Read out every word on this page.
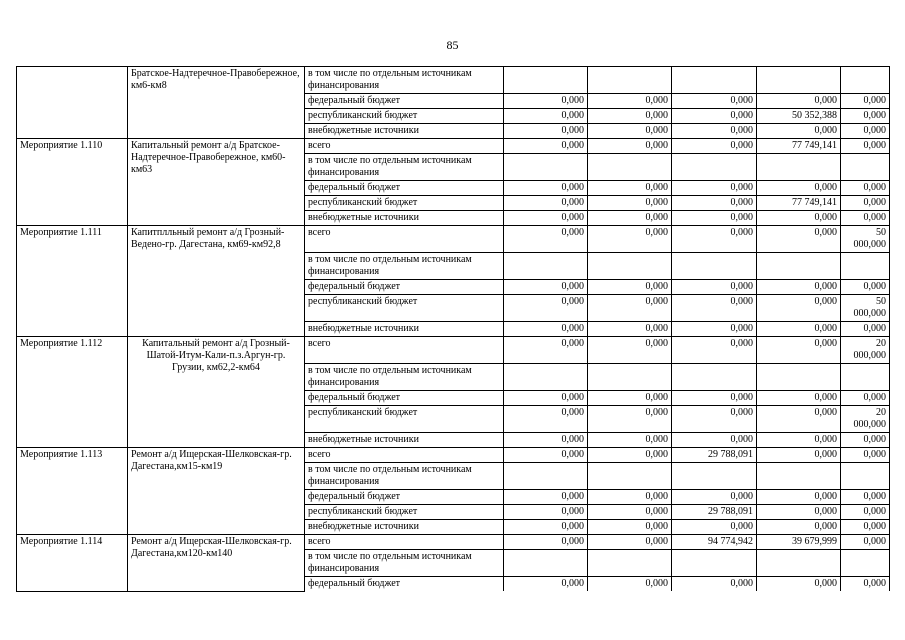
85
	Братское-Надтеречное-Правобережное, км6-км8	в том числе по отдельным источникам финансирования					
		федеральный бюджет	0,000	0,000	0,000	0,000	0,000
		республиканский бюджет	0,000	0,000	0,000	50 352,388	0,000
		внебюджетные источники	0,000	0,000	0,000	0,000	0,000
Мероприятие 1.110	Капитальный ремонт а/д Братское-Надтеречное-Правобережное, км60-км63	всего	0,000	0,000	0,000	77 749,141	0,000
		в том числе по отдельным источникам финансирования					
		федеральный бюджет	0,000	0,000	0,000	0,000	0,000
		республиканский бюджет	0,000	0,000	0,000	77 749,141	0,000
		внебюджетные источники	0,000	0,000	0,000	0,000	0,000
Мероприятие 1.111	Капитплльный ремонт а/д Грозный-Ведено-гр. Дагестана, км69-км92,8	всего	0,000	0,000	0,000	0,000	50 000,000
		в том числе по отдельным источникам финансирования					
		федеральный бюджет	0,000	0,000	0,000	0,000	0,000
		республиканский бюджет	0,000	0,000	0,000	0,000	50 000,000
		внебюджетные источники	0,000	0,000	0,000	0,000	0,000
Мероприятие 1.112	Капитальный ремонт а/д Грозный-Шатой-Итум-Кали-п.з.Аргун-гр. Грузии, км62,2-км64	всего	0,000	0,000	0,000	0,000	20 000,000
		в том числе по отдельным источникам финансирования					
		федеральный бюджет	0,000	0,000	0,000	0,000	0,000
		республиканский бюджет	0,000	0,000	0,000	0,000	20 000,000
		внебюджетные источники	0,000	0,000	0,000	0,000	0,000
Мероприятие 1.113	Ремонт а/д Ищерская-Шелковская-гр. Дагестана,км15-км19	всего	0,000	0,000	29 788,091	0,000	0,000
		в том числе по отдельным источникам финансирования					
		федеральный бюджет	0,000	0,000	0,000	0,000	0,000
		республиканский бюджет	0,000	0,000	29 788,091	0,000	0,000
		внебюджетные источники	0,000	0,000	0,000	0,000	0,000
Мероприятие 1.114	Ремонт а/д Ищерская-Шелковская-гр. Дагестана,км120-км140	всего	0,000	0,000	94 774,942	39 679,999	0,000
		в том числе по отдельным источникам финансирования					
		федеральный бюджет	0,000	0,000	0,000	0,000	0,000
